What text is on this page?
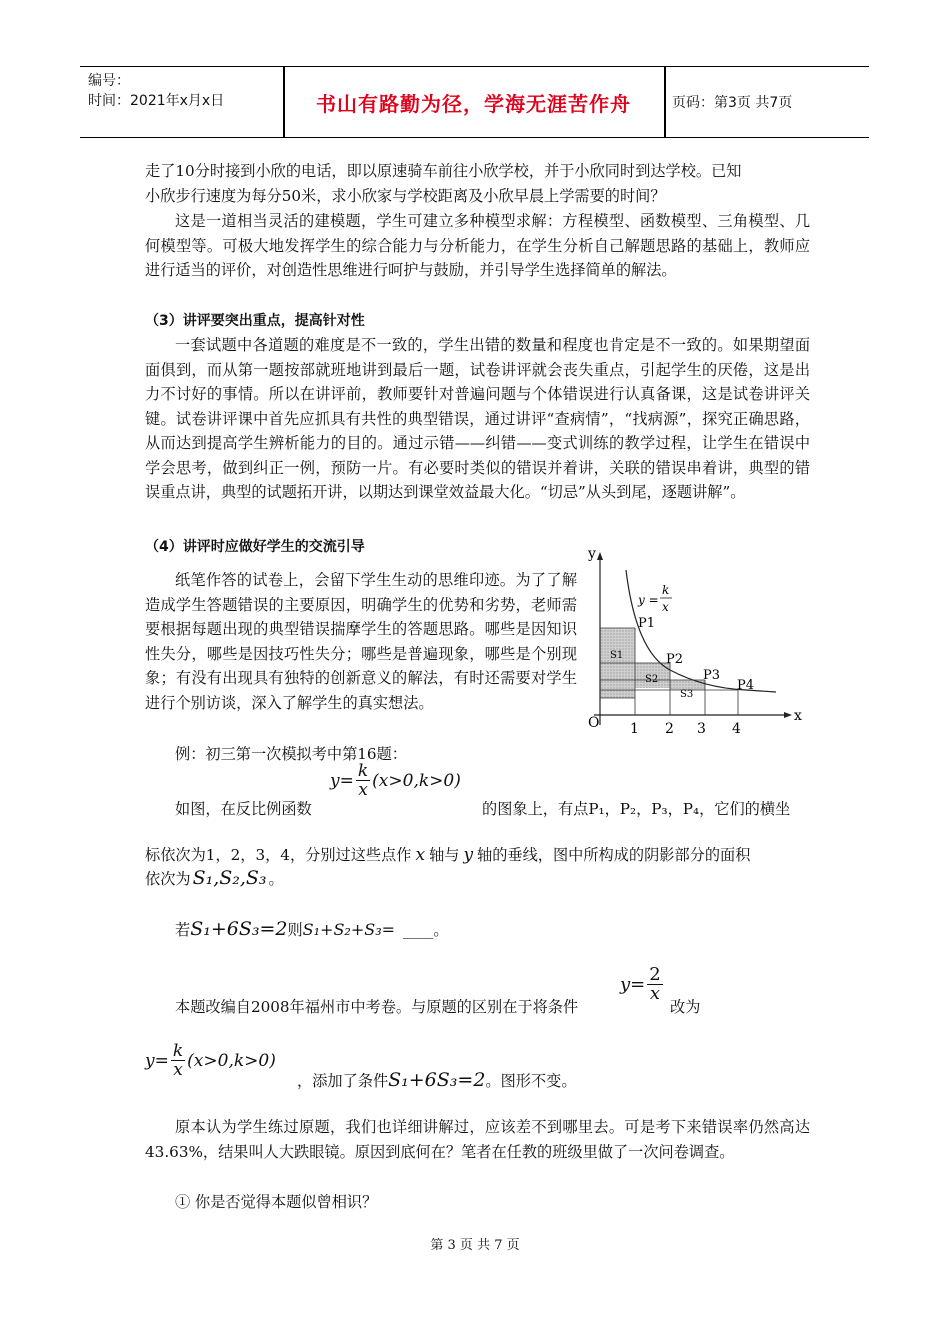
编号：
时间：2021年x月x日	书山有路勤为径，学海无涯苦作舟	页码：第3页 共7页
走了10分时接到小欣的电话，即以原速骑车前往小欣学校，并于小欣同时到达学校。已知
小欣步行速度为每分50米，求小欣家与学校距离及小欣早晨上学需要的时间？
这是一道相当灵活的建模题，学生可建立多种模型求解：方程模型、函数模型、三角模型、几何模型等。可极大地发挥学生的综合能力与分析能力，在学生分析自己解题思路的基础上，教师应进行适当的评价，对创造性思维进行呵护与鼓励，并引导学生选择简单的解法。
（3）讲评要突出重点，提高针对性
一套试题中各道题的难度是不一致的，学生出错的数量和程度也肯定是不一致的。如果期望面面俱到，而从第一题按部就班地讲到最后一题，试卷讲评就会丧失重点，引起学生的厌倦，这是出力不讨好的事情。所以在讲评前，教师要针对普遍问题与个体错误进行认真备课，这是试卷讲评关键。试卷讲评课中首先应抓具有共性的典型错误，通过讲评“查病情”，“找病源”，探究正确思路，从而达到提高学生辨析能力的目的。通过示错——纠错——变式训练的教学过程，让学生在错误中学会思考，做到纠正一例，预防一片。有必要时类似的错误并着讲，关联的错误串着讲，典型的错误重点讲，典型的试题拓开讲，以期达到课堂效益最大化。“切忌”从头到尾，逐题讲解”。
（4）讲评时应做好学生的交流引导
纸笔作答的试卷上，会留下学生生动的思维印迹。为了了解造成学生答题错误的主要原因，明确学生的优势和劣势，老师需要根据每题出现的典型错误揣摩学生的答题思路。哪些是因知识性失分，哪些是因技巧性失分；哪些是普遍现象，哪些是个别现象；有没有出现具有独特的创新意义的解法，有时还需要对学生进行个别访谈，深入了解学生的真实想法。
y
x
O 1 2 3 4
y =
k
x
P1
P2
P3
P4
S1
S2
S3
例：初三第一次模拟考中第16题：
$y = \frac{k}{x} (x>0,k>0)$
如图，在反比例函数	的图象上，有点P₁，P₂，P₃，P₄，它们的横坐
标依次为1，2，3，4，分别过这些点作 x 轴与 y 轴的垂线，图中所构成的阴影部分的面积
依次为 S₁,S₂,S₃ 。
若 S₁+6S₃=2 则 S₁+S₂+S₃= ____。
$y = \frac{2}{x}$
本题改编自2008年福州市中考卷。与原题的区别在于将条件	改为
$y = \frac{k}{x} (x>0,k>0)$
，添加了条件 S₁+6S₃=2 。图形不变。
原本认为学生练过原题，我们也详细讲解过，应该差不到哪里去。可是考下来错误率仍然高达43.63%，结果叫人大跌眼镜。原因到底何在？笔者在任教的班级里做了一次问卷调查。
① 你是否觉得本题似曾相识？
第 3 页 共 7 页
